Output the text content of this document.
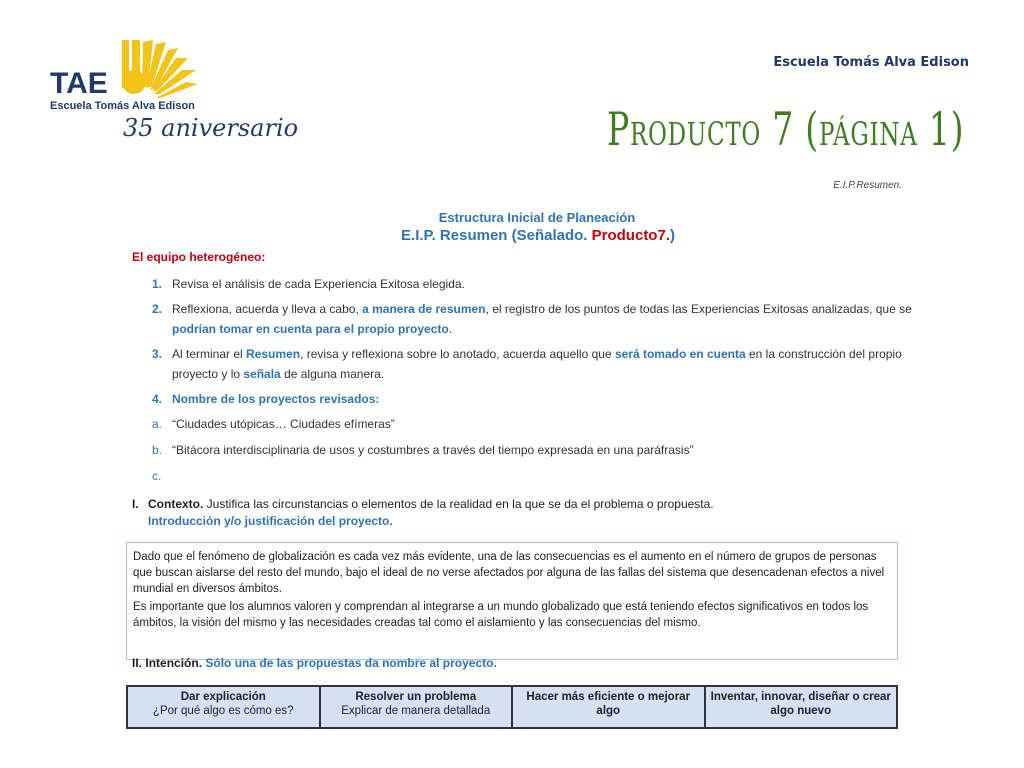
TAE
Escuela Tomás Alva Edison
35 aniversario
Escuela Tomás Alva Edison
Producto 7 (página 1)
E.I.P.Resumen.
Estructura Inicial de Planeación
E.I.P. Resumen (Señalado. Producto7.)
El equipo heterogéneo:
1. Revisa el análisis de cada Experiencia Exitosa elegida.
2. Reflexiona, acuerda y lleva a cabo, a manera de resumen, el registro de los puntos de todas las Experiencias Exitosas analizadas, que se podrían tomar en cuenta para el propio proyecto.
3. Al terminar el Resumen, revisa y reflexiona sobre lo anotado, acuerda aquello que será tomado en cuenta en la construcción del propio proyecto y lo señala de alguna manera.
4. Nombre de los proyectos revisados:
a. “Ciudades utópicas… Ciudades efímeras”
b. “Bitácora interdisciplinaria de usos y costumbres a través del tiempo expresada en una paráfrasis”
c.
I. Contexto. Justifica las circunstancias o elementos de la realidad en la que se da el problema o propuesta.
Introducción y/o justificación del proyecto.

Dado que el fenómeno de globalización es cada vez más evidente, una de las consecuencias es el aumento en el número de grupos de personas que buscan aislarse del resto del mundo, bajo el ideal de no verse afectados por alguna de las fallas del sistema que desencadenan efectos a nivel mundial en diversos ámbitos.

Es importante que los alumnos valoren y comprendan al integrarse a un mundo globalizado que está teniendo efectos significativos en todos los ámbitos, la visión del mismo y las necesidades creadas tal como el aislamiento y las consecuencias del mismo.

II. Intención. Sólo una de las propuestas da nombre al proyecto.
Dar explicación
¿Por qué algo es cómo es?

Resolver un problema
Explicar de manera detallada

Hacer más eficiente o mejorar algo

Inventar, innovar, diseñar o crear algo nuevo
